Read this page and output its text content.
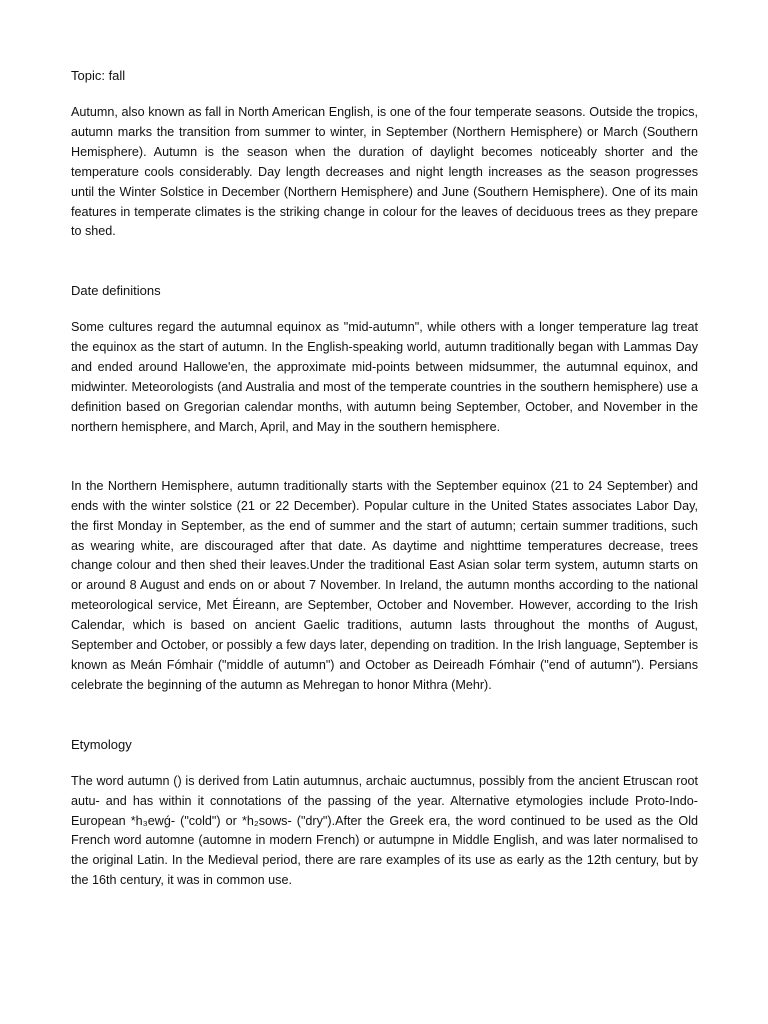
Topic: fall

Autumn, also known as fall in North American English, is one of the four temperate seasons. Outside the tropics, autumn marks the transition from summer to winter, in September (Northern Hemisphere) or March (Southern Hemisphere). Autumn is the season when the duration of daylight becomes noticeably shorter and the temperature cools considerably. Day length decreases and night length increases as the season progresses until the Winter Solstice in December (Northern Hemisphere) and June (Southern Hemisphere). One of its main features in temperate climates is the striking change in colour for the leaves of deciduous trees as they prepare to shed.

Date definitions

Some cultures regard the autumnal equinox as "mid-autumn", while others with a longer temperature lag treat the equinox as the start of autumn. In the English-speaking world, autumn traditionally began with Lammas Day and ended around Hallowe'en, the approximate mid-points between midsummer, the autumnal equinox, and midwinter. Meteorologists (and Australia and most of the temperate countries in the southern hemisphere) use a definition based on Gregorian calendar months, with autumn being September, October, and November in the northern hemisphere, and March, April, and May in the southern hemisphere.

In the Northern Hemisphere, autumn traditionally starts with the September equinox (21 to 24 September) and ends with the winter solstice (21 or 22 December). Popular culture in the United States associates Labor Day, the first Monday in September, as the end of summer and the start of autumn; certain summer traditions, such as wearing white, are discouraged after that date. As daytime and nighttime temperatures decrease, trees change colour and then shed their leaves.Under the traditional East Asian solar term system, autumn starts on or around 8 August and ends on or about 7 November. In Ireland, the autumn months according to the national meteorological service, Met Éireann, are September, October and November. However, according to the Irish Calendar, which is based on ancient Gaelic traditions, autumn lasts throughout the months of August, September and October, or possibly a few days later, depending on tradition. In the Irish language, September is known as Meán Fómhair ("middle of autumn") and October as Deireadh Fómhair ("end of autumn"). Persians celebrate the beginning of the autumn as Mehregan to honor Mithra (Mehr).

Etymology

The word autumn () is derived from Latin autumnus, archaic auctumnus, possibly from the ancient Etruscan root autu- and has within it connotations of the passing of the year. Alternative etymologies include Proto-Indo-European *h₃ewǵ- ("cold") or *h₂sows- ("dry").After the Greek era, the word continued to be used as the Old French word automne (automne in modern French) or autumpne in Middle English, and was later normalised to the original Latin. In the Medieval period, there are rare examples of its use as early as the 12th century, but by the 16th century, it was in common use.
